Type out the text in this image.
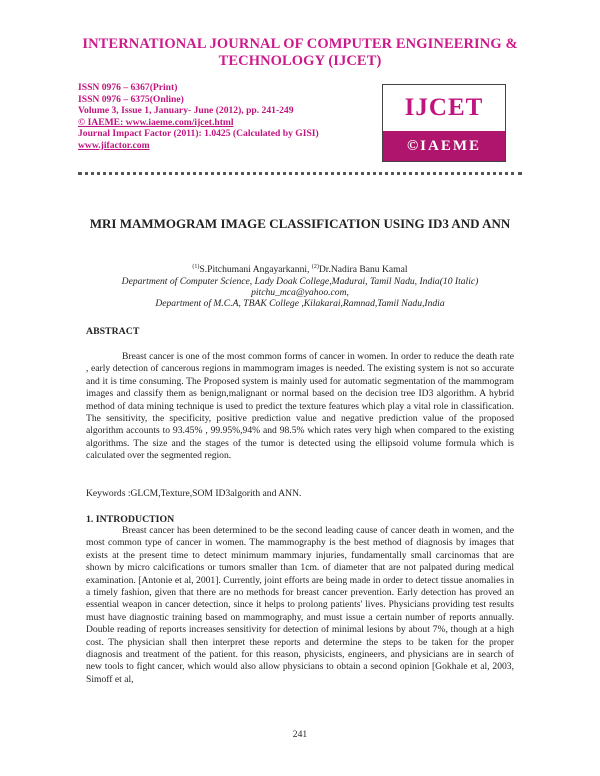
INTERNATIONAL JOURNAL OF COMPUTER ENGINEERING & TECHNOLOGY (IJCET)
ISSN 0976 – 6367(Print)
ISSN 0976 – 6375(Online)
Volume 3, Issue 1, January- June (2012), pp. 241-249
© IAEME: www.iaeme.com/ijcet.html
Journal Impact Factor (2011): 1.0425 (Calculated by GISI)
www.jifactor.com
IJCET
©IAEME
MRI MAMMOGRAM IMAGE CLASSIFICATION USING ID3 AND ANN
$^{(1)}$S.Pitchumani Angayarkanni, $^{(2)}$Dr.Nadira Banu Kamal
Department of Computer Science, Lady Doak College,Madurai, Tamil Nadu, India(10 Italic)
pitchu_mca@yahoo.com,
Department of M.C.A, TBAK College ,Kilakarai,Ramnad,Tamil Nadu,India
ABSTRACT
Breast cancer is one of the most common forms of cancer in women. In order to reduce the death rate , early detection of cancerous regions in mammogram images is needed. The existing system is not so accurate and it is time consuming. The Proposed system is mainly used for automatic segmentation of the mammogram images and classify them as benign,malignant or normal based on the decision tree ID3 algorithm. A hybrid method of data mining technique is used to predict the texture features which play a vital role in classification. The sensitivity, the specificity, positive prediction value and negative prediction value of the proposed algorithm accounts to 93.45% , 99.95%,94% and 98.5% which rates very high when compared to the existing algorithms. The size and the stages of the tumor is detected using the ellipsoid volume formula which is calculated over the segmented region.
Keywords :GLCM,Texture,SOM ID3algorith and ANN.
1. INTRODUCTION
Breast cancer has been determined to be the second leading cause of cancer death in women, and the most common type of cancer in women. The mammography is the best method of diagnosis by images that exists at the present time to detect minimum mammary injuries, fundamentally small carcinomas that are shown by micro calcifications or tumors smaller than 1cm. of diameter that are not palpated during medical examination. [Antonie et al, 2001]. Currently, joint efforts are being made in order to detect tissue anomalies in a timely fashion, given that there are no methods for breast cancer prevention. Early detection has proved an essential weapon in cancer detection, since it helps to prolong patients' lives. Physicians providing test results must have diagnostic training based on mammography, and must issue a certain number of reports annually. Double reading of reports increases sensitivity for detection of minimal lesions by about 7%, though at a high cost. The physician shall then interpret these reports and determine the steps to be taken for the proper diagnosis and treatment of the patient. for this reason, physicists, engineers, and physicians are in search of new tools to fight cancer, which would also allow physicians to obtain a second opinion [Gokhale et al, 2003, Simoff et al,
241
